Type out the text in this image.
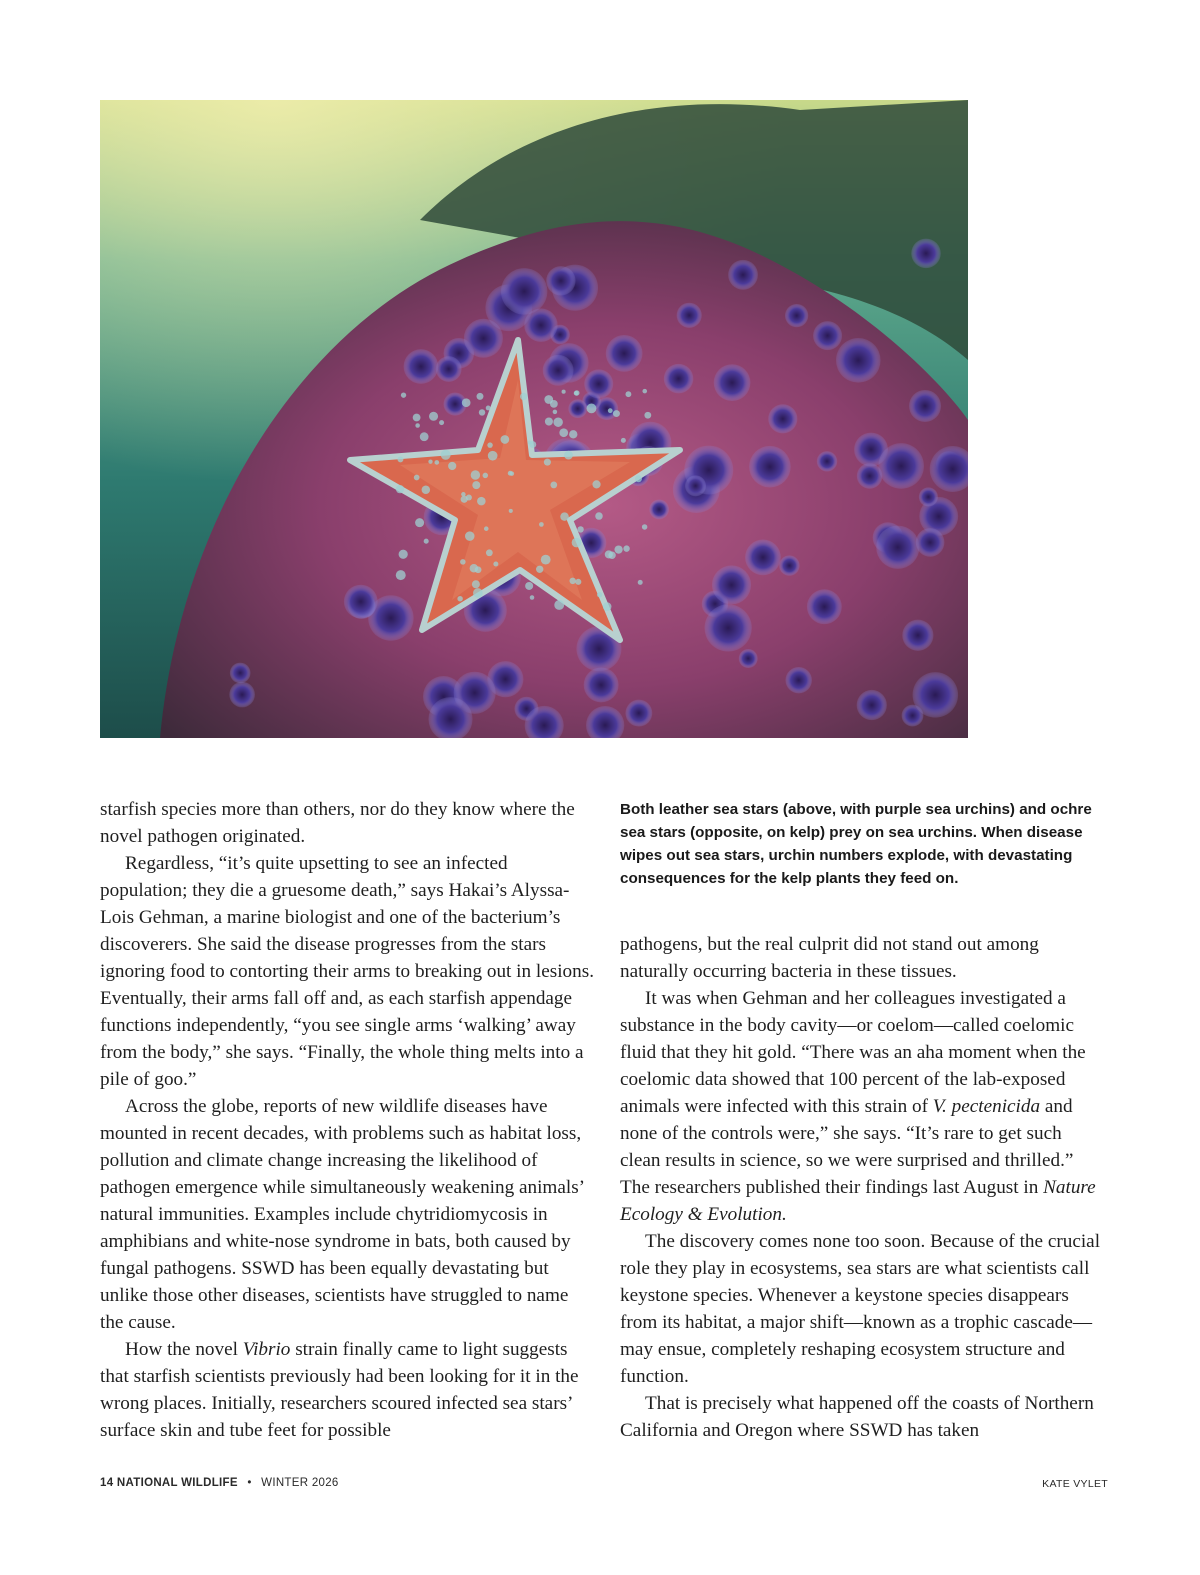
starfish species more than others, nor do they know where the novel pathogen originated.

Regardless, “it’s quite upsetting to see an infected population; they die a gruesome death,” says Hakai’s Alyssa-Lois Gehman, a marine biologist and one of the bacterium’s discoverers. She said the disease progresses from the stars ignoring food to contorting their arms to breaking out in lesions. Eventually, their arms fall off and, as each starfish appendage functions independently, “you see single arms ‘walking’ away from the body,” she says. “Finally, the whole thing melts into a pile of goo.”

Across the globe, reports of new wildlife diseases have mounted in recent decades, with problems such as habitat loss, pollution and climate change increasing the likelihood of pathogen emergence while simultaneously weakening animals’ natural immunities. Examples include chytridiomycosis in amphibians and white-nose syndrome in bats, both caused by fungal pathogens. SSWD has been equally devastating but unlike those other diseases, scientists have struggled to name the cause.

How the novel Vibrio strain finally came to light suggests that starfish scientists previously had been looking for it in the wrong places. Initially, researchers scoured infected sea stars’ surface skin and tube feet for possible

Both leather sea stars (above, with purple sea urchins) and ochre sea stars (opposite, on kelp) prey on sea urchins. When disease wipes out sea stars, urchin numbers explode, with devastating consequences for the kelp plants they feed on.

pathogens, but the real culprit did not stand out among naturally occurring bacteria in these tissues.

It was when Gehman and her colleagues investigated a substance in the body cavity—or coelom—called coelomic fluid that they hit gold. “There was an aha moment when the coelomic data showed that 100 percent of the lab-exposed animals were infected with this strain of V. pectenicida and none of the controls were,” she says. “It’s rare to get such clean results in science, so we were surprised and thrilled.” The researchers published their findings last August in Nature Ecology & Evolution.

The discovery comes none too soon. Because of the crucial role they play in ecosystems, sea stars are what scientists call keystone species. Whenever a keystone species disappears from its habitat, a major shift—known as a trophic cascade—may ensue, completely reshaping ecosystem structure and function.

That is precisely what happened off the coasts of Northern California and Oregon where SSWD has taken

14 NATIONAL WILDLIFE • WINTER 2026	KATE VYLET
